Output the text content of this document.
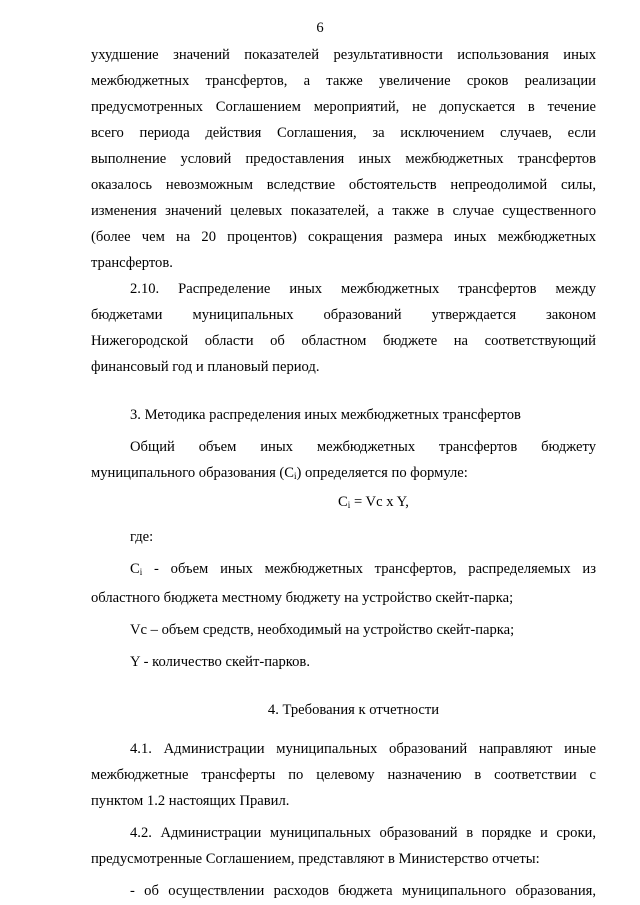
6
ухудшение значений показателей результативности использования иных
межбюджетных трансфертов, а также увеличение сроков реализации
предусмотренных Соглашением мероприятий, не допускается в течение
всего периода действия Соглашения, за исключением случаев, если
выполнение условий предоставления иных межбюджетных трансфертов
оказалось невозможным вследствие обстоятельств непреодолимой силы,
изменения значений целевых показателей, а также в случае существенного
(более чем на 20 процентов) сокращения размера иных межбюджетных
трансфертов.
2.10. Распределение иных межбюджетных трансфертов между
бюджетами муниципальных образований утверждается законом
Нижегородской области об областном бюджете на соответствующий
финансовый год и плановый период.

3. Методика распределения иных межбюджетных трансфертов

Общий объем иных межбюджетных трансфертов бюджету
муниципального образования $(С_i)$ определяется по формуле:

$С_i = Vc$ x Y,

где:

$С_i$ - объем иных межбюджетных трансфертов, распределяемых из
областного бюджета местному бюджету на устройство скейт-парка;

Vc – объем средств, необходимый на устройство скейт-парка;

Y - количество скейт-парков.

4. Требования к отчетности

4.1. Администрации муниципальных образований направляют иные
межбюджетные трансферты по целевому назначению в соответствии с
пунктом 1.2 настоящих Правил.
4.2. Администрации муниципальных образований в порядке и сроки,
предусмотренные Соглашением, представляют в Министерство отчеты:
- об осуществлении расходов бюджета муниципального образования,
